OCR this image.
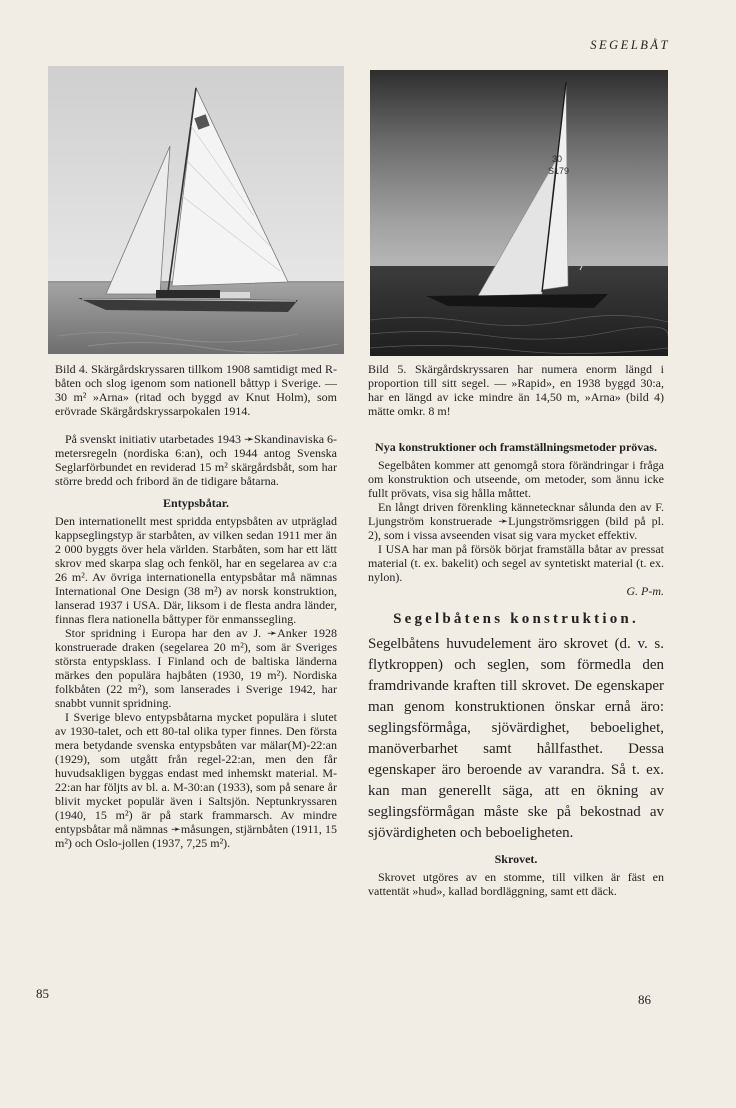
SEGELBÅT
30
S179

Bild 4. Skärgårdskryssaren tillkom 1908 samtidigt med R-båten och slog igenom som nationell båttyp i Sverige. — 30 m² »Arna» (ritad och byggd av Knut Holm), som erövrade Skärgårdskryssarpokalen 1914.

På svenskt initiativ utarbetades 1943 ➛Skandinaviska 6-metersregeln (nordiska 6:an), och 1944 antog Svenska Seglarförbundet en reviderad 15 m² skärgårdsbåt, som har större bredd och fribord än de tidigare båtarna.

Entypsbåtar.

Den internationellt mest spridda entypsbåten av utpräglad kappseglingstyp är starbåten, av vilken sedan 1911 mer än 2 000 byggts över hela världen. Starbåten, som har ett lätt skrov med skarpa slag och fenköl, har en segelarea av c:a 26 m². Av övriga internationella entypsbåtar må nämnas International One Design (38 m²) av norsk konstruktion, lanserad 1937 i USA. Där, liksom i de flesta andra länder, finnas flera nationella båttyper för enmanssegling.

Stor spridning i Europa har den av J. ➛Anker 1928 konstruerade draken (segelarea 20 m²), som är Sveriges största entypsklass. I Finland och de baltiska länderna märkes den populära hajbåten (1930, 19 m²). Nordiska folkbåten (22 m²), som lanserades i Sverige 1942, har snabbt vunnit spridning.

I Sverige blevo entypsbåtarna mycket populära i slutet av 1930-talet, och ett 80-tal olika typer finnes. Den första mera betydande svenska entypsbåten var mälar(M)-22:an (1929), som utgått från regel-22:an, men den får huvudsakligen byggas endast med inhemskt material. M-22:an har följts av bl. a. M-30:an (1933), som på senare år blivit mycket populär även i Saltsjön. Neptunkryssaren (1940, 15 m²) är på stark frammarsch. Av mindre entypsbåtar må nämnas ➛måsungen, stjärnbåten (1911, 15 m²) och Oslo-jollen (1937, 7,25 m²).

85

Bild 5. Skärgårdskryssaren har numera enorm längd i proportion till sitt segel. — »Rapid», en 1938 byggd 30:a, har en längd av icke mindre än 14,50 m, »Arna» (bild 4) mätte omkr. 8 m!

Nya konstruktioner och framställningsmetoder prövas.

Segelbåten kommer att genomgå stora förändringar i fråga om konstruktion och utseende, om metoder, som ännu icke fullt prövats, visa sig hålla måttet.

En långt driven förenkling kännetecknar sålunda den av F. Ljungström konstruerade ➛Ljungströmsriggen (bild på pl. 2), som i vissa avseenden visat sig vara mycket effektiv.

I USA har man på försök börjat framställa båtar av pressat material (t. ex. bakelit) och segel av syntetiskt material (t. ex. nylon).

G. P-m.
Segelbåtens konstruktion.

Segelbåtens huvudelement äro skrovet (d. v. s. flytkroppen) och seglen, som förmedla den framdrivande kraften till skrovet. De egenskaper man genom konstruktionen önskar ernå äro: seglingsförmåga, sjövärdighet, beboelighet, manöverbarhet samt hållfasthet. Dessa egenskaper äro beroende av varandra. Så t. ex. kan man generellt säga, att en ökning av seglingsförmågan måste ske på bekostnad av sjövärdigheten och beboeligheten.

Skrovet.

Skrovet utgöres av en stomme, till vilken är fäst en vattentät »hud», kallad bordläggning, samt ett däck.

86
